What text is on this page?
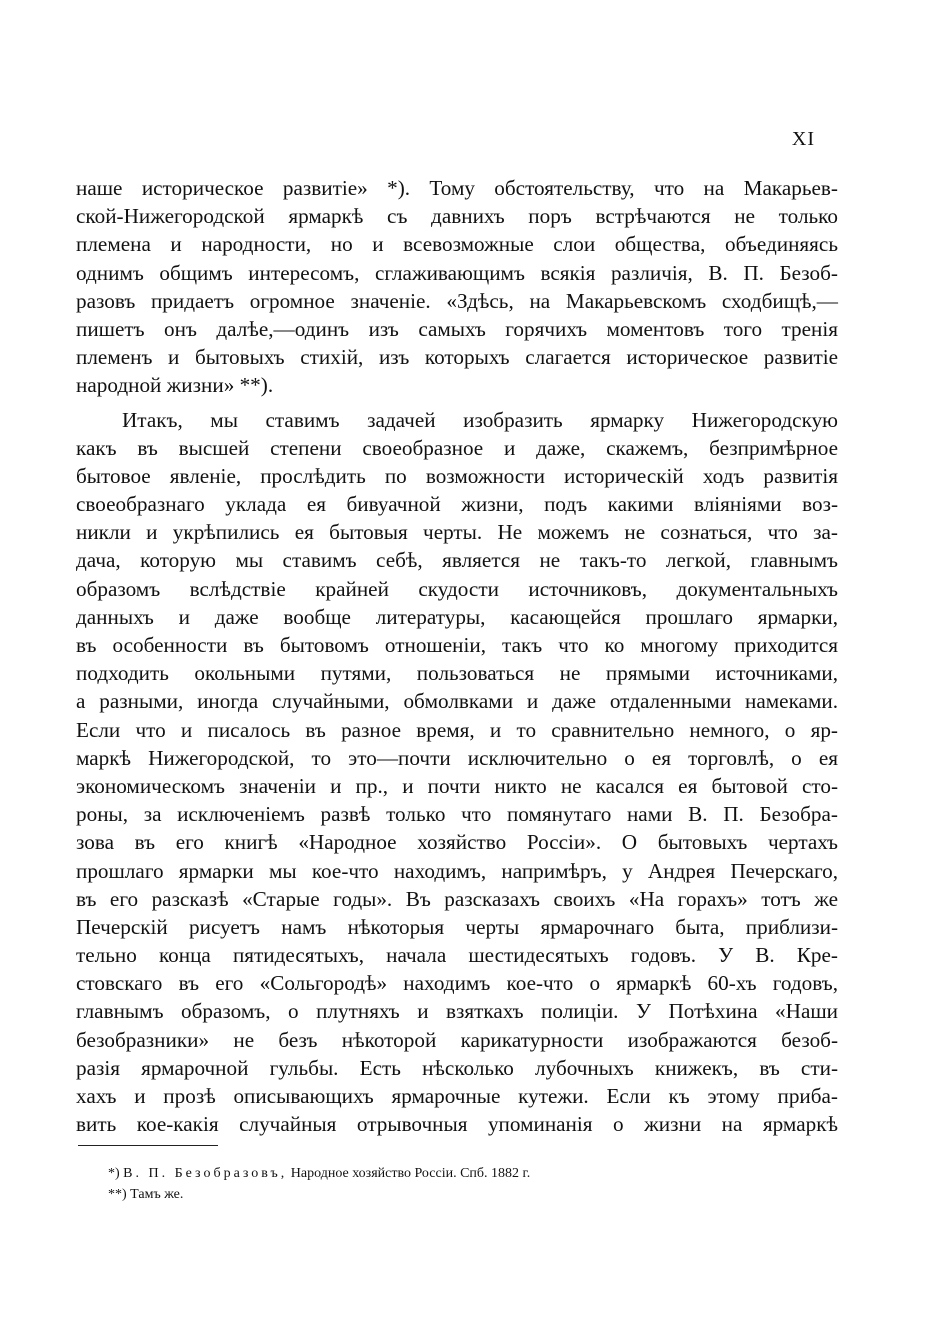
XI
наше историческое развитіе» *). Тому обстоятельству, что на Макарьев-
ской-Нижегородской ярмаркѣ съ давнихъ поръ встрѣчаются не только
племена и народности, но и всевозможные слои общества, объединяясь
однимъ общимъ интересомъ, сглаживающимъ всякія различія, В. П. Безоб-
разовъ придаетъ огромное значеніе. «Здѣсь, на Макарьевскомъ сходбищѣ,—
пишетъ онъ далѣе,—одинъ изъ самыхъ горячихъ моментовъ того тренія
племенъ и бытовыхъ стихій, изъ которыхъ слагается историческое развитіе
народной жизни» **).
Итакъ, мы ставимъ задачей изобразить ярмарку Нижегородскую
какъ въ высшей степени своеобразное и даже, скажемъ, безпримѣрное
бытовое явленіе, прослѣдить по возможности историческій ходъ развитія
своеобразнаго уклада ея бивуачной жизни, подъ какими вліяніями воз-
никли и укрѣпились ея бытовыя черты. Не можемъ не сознаться, что за-
дача, которую мы ставимъ себѣ, является не такъ-то легкой, главнымъ
образомъ вслѣдствіе крайней скудости источниковъ, документальныхъ
данныхъ и даже вообще литературы, касающейся прошлаго ярмарки,
въ особенности въ бытовомъ отношеніи, такъ что ко многому приходится
подходить окольными путями, пользоваться не прямыми источниками,
а разными, иногда случайными, обмолвками и даже отдаленными намеками.
Если что и писалось въ разное время, и то сравнительно немного, о яр-
маркѣ Нижегородской, то это—почти исключительно о ея торговлѣ, о ея
экономическомъ значеніи и пр., и почти никто не касался ея бытовой сто-
роны, за исключеніемъ развѣ только что помянутаго нами В. П. Безобра-
зова въ его книгѣ «Народное хозяйство Россіи». О бытовыхъ чертахъ
прошлаго ярмарки мы кое-что находимъ, напримѣръ, у Андрея Печерскаго,
въ его разсказѣ «Старые годы». Въ разсказахъ своихъ «На горахъ» тотъ же
Печерскій рисуетъ намъ нѣкоторыя черты ярмарочнаго быта, приблизи-
тельно конца пятидесятыхъ, начала шестидесятыхъ годовъ. У В. Кре-
стовскаго въ его «Сольгородѣ» находимъ кое-что о ярмаркѣ 60-хъ годовъ,
главнымъ образомъ, о плутняхъ и взяткахъ полиціи. У Потѣхина «Наши
безобразники» не безъ нѣкоторой карикатурности изображаются безоб-
разія ярмарочной гульбы. Есть нѣсколько лубочныхъ книжекъ, въ сти-
хахъ и прозѣ описывающихъ ярмарочные кутежи. Если къ этому приба-
вить кое-какія случайныя отрывочныя упоминанія о жизни на ярмаркѣ
*) В. П. Безобразовъ, Народное хозяйство Россіи. Спб. 1882 г.
**) Тамъ же.
